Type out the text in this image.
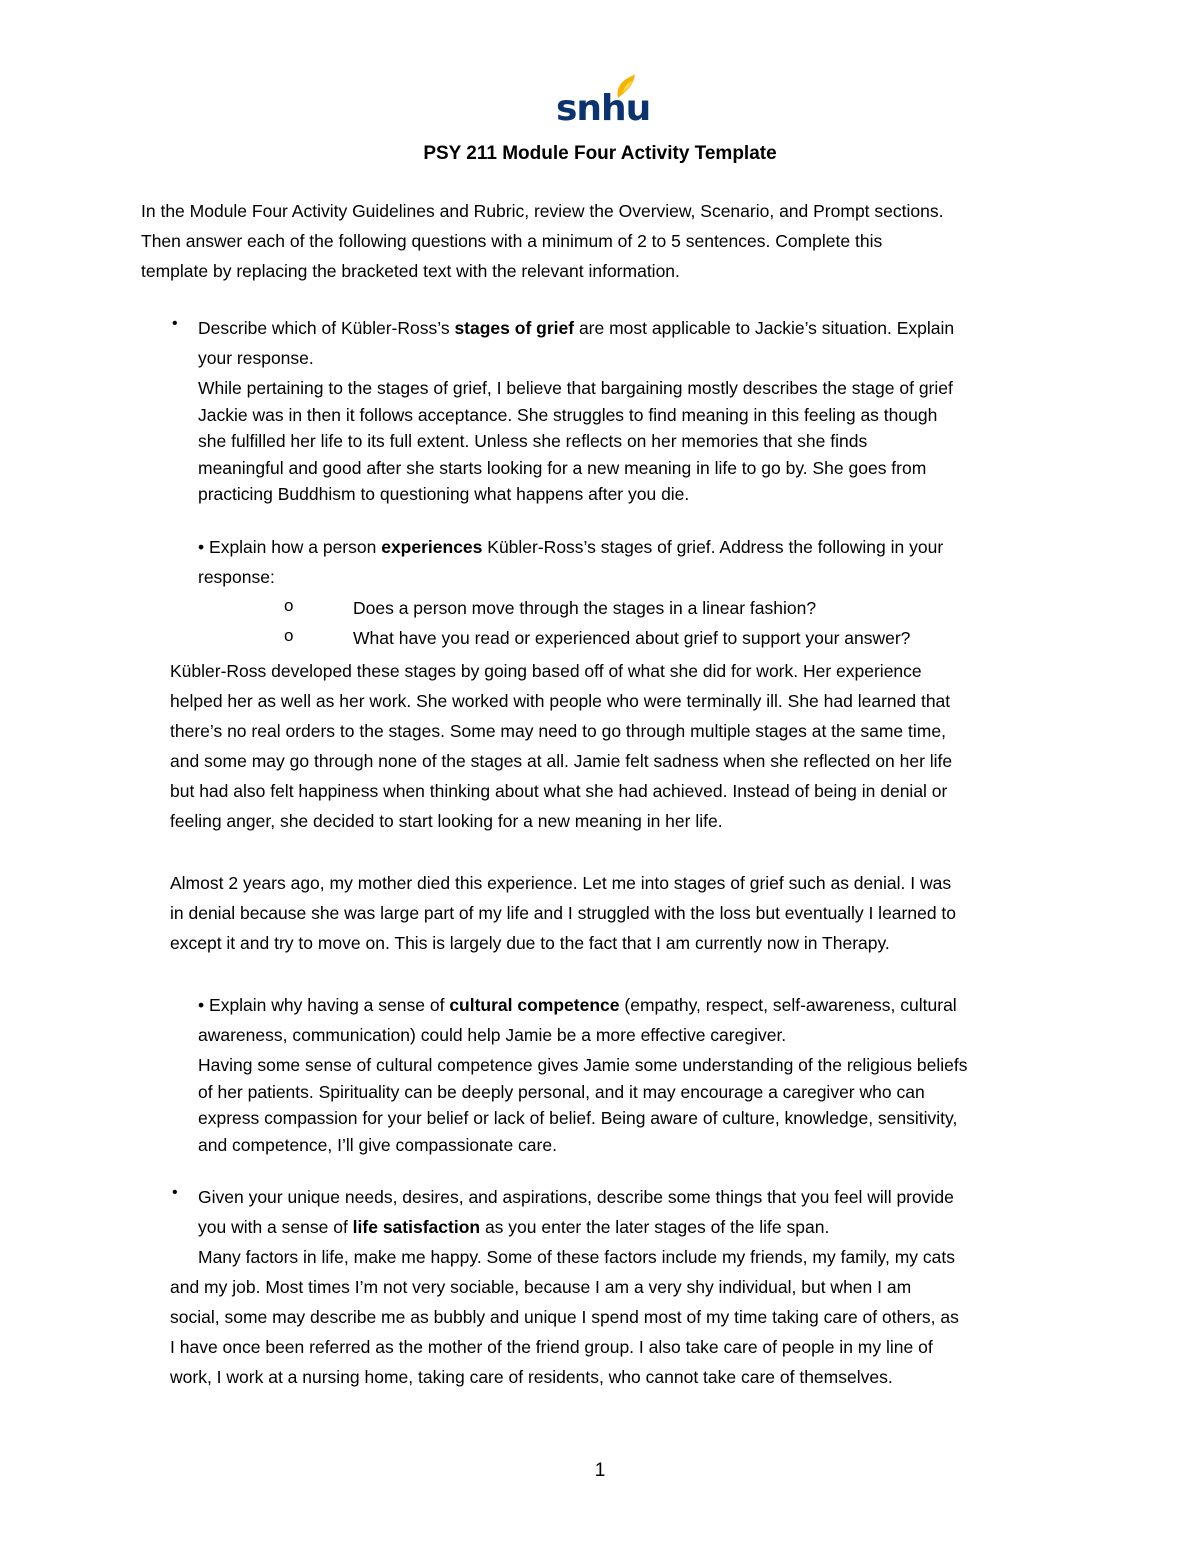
snhu
PSY 211 Module Four Activity Template
In the Module Four Activity Guidelines and Rubric, review the Overview, Scenario, and Prompt sections.
Then answer each of the following questions with a minimum of 2 to 5 sentences. Complete this
template by replacing the bracketed text with the relevant information.
• Describe which of Kübler-Ross’s stages of grief are most applicable to Jackie’s situation. Explain
your response.
While pertaining to the stages of grief, I believe that bargaining mostly describes the stage of grief
Jackie was in then it follows acceptance. She struggles to find meaning in this feeling as though
she fulfilled her life to its full extent. Unless she reflects on her memories that she finds
meaningful and good after she starts looking for a new meaning in life to go by. She goes from
practicing Buddhism to questioning what happens after you die.
• Explain how a person experiences Kübler-Ross’s stages of grief. Address the following in your
response:
o	Does a person move through the stages in a linear fashion?
o	What have you read or experienced about grief to support your answer?
Kübler-Ross developed these stages by going based off of what she did for work. Her experience
helped her as well as her work. She worked with people who were terminally ill. She had learned that
there’s no real orders to the stages. Some may need to go through multiple stages at the same time,
and some may go through none of the stages at all. Jamie felt sadness when she reflected on her life
but had also felt happiness when thinking about what she had achieved. Instead of being in denial or
feeling anger, she decided to start looking for a new meaning in her life.
Almost 2 years ago, my mother died this experience. Let me into stages of grief such as denial. I was
in denial because she was large part of my life and I struggled with the loss but eventually I learned to
except it and try to move on. This is largely due to the fact that I am currently now in Therapy.
• Explain why having a sense of cultural competence (empathy, respect, self-awareness, cultural
awareness, communication) could help Jamie be a more effective caregiver.
Having some sense of cultural competence gives Jamie some understanding of the religious beliefs
of her patients. Spirituality can be deeply personal, and it may encourage a caregiver who can
express compassion for your belief or lack of belief. Being aware of culture, knowledge, sensitivity,
and competence, I’ll give compassionate care.
• Given your unique needs, desires, and aspirations, describe some things that you feel will provide
you with a sense of life satisfaction as you enter the later stages of the life span.
Many factors in life, make me happy. Some of these factors include my friends, my family, my cats
and my job. Most times I’m not very sociable, because I am a very shy individual, but when I am
social, some may describe me as bubbly and unique I spend most of my time taking care of others, as
I have once been referred as the mother of the friend group. I also take care of people in my line of
work, I work at a nursing home, taking care of residents, who cannot take care of themselves.
1
